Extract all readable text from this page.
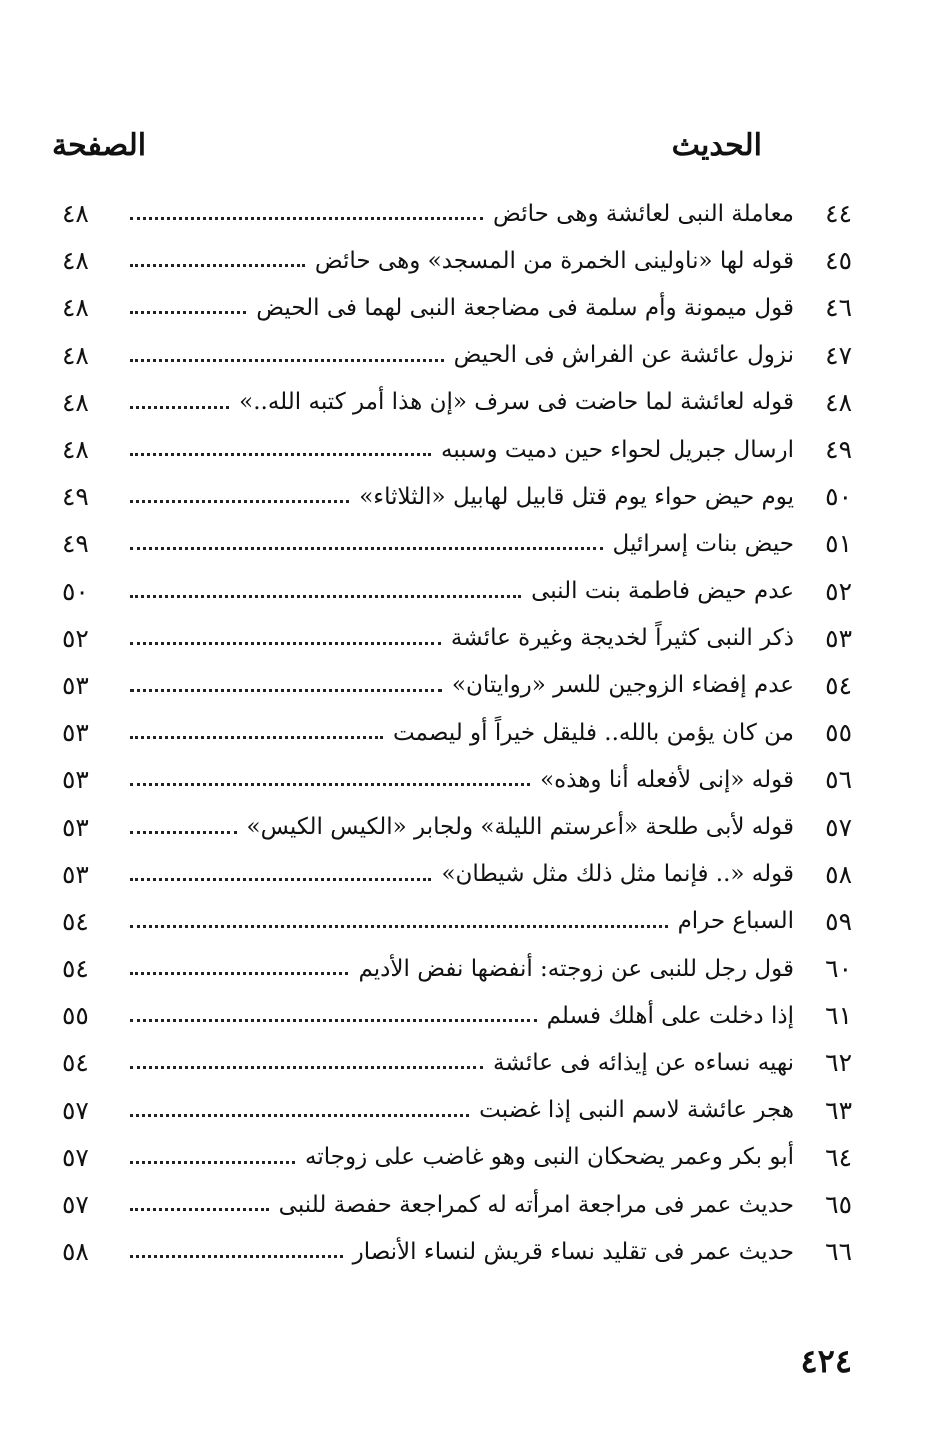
الحديث
الصفحة
٤٤
معاملة النبى لعائشة وهى حائض
٤٨
٤٥
قوله لها «ناولينى الخمرة من المسجد» وهى حائض
٤٨
٤٦
قول ميمونة وأم سلمة فى مضاجعة النبى لهما فى الحيض
٤٨
٤٧
نزول عائشة عن الفراش فى الحيض
٤٨
٤٨
قوله لعائشة لما حاضت فى سرف «إن هذا أمر كتبه الله..»
٤٨
٤٩
ارسال جبريل لحواء حين دميت وسببه
٤٨
٥٠
يوم حيض حواء يوم قتل قابيل لهابيل «الثلاثاء»
٤٩
٥١
حيض بنات إسرائيل
٤٩
٥٢
عدم حيض فاطمة بنت النبى
٥٠
٥٣
ذكر النبى كثيراً لخديجة وغيرة عائشة
٥٢
٥٤
عدم إفضاء الزوجين للسر «روايتان»
٥٣
٥٥
من كان يؤمن بالله.. فليقل خيراً أو ليصمت
٥٣
٥٦
قوله «إنى لأفعله أنا وهذه»
٥٣
٥٧
قوله لأبى طلحة «أعرستم الليلة» ولجابر «الكيس الكيس»
٥٣
٥٨
قوله «.. فإنما مثل ذلك مثل شيطان»
٥٣
٥٩
السباع حرام
٥٤
٦٠
قول رجل للنبى عن زوجته: أنفضها نفض الأديم
٥٤
٦١
إذا دخلت على أهلك فسلم
٥٥
٦٢
نهيه نساءه عن إيذائه فى عائشة
٥٤
٦٣
هجر عائشة لاسم النبى إذا غضبت
٥٧
٦٤
أبو بكر وعمر يضحكان النبى وهو غاضب على زوجاته
٥٧
٦٥
حديث عمر فى مراجعة امرأته له كمراجعة حفصة للنبى
٥٧
٦٦
حديث عمر فى تقليد نساء قريش لنساء الأنصار
٥٨
٤٢٤
